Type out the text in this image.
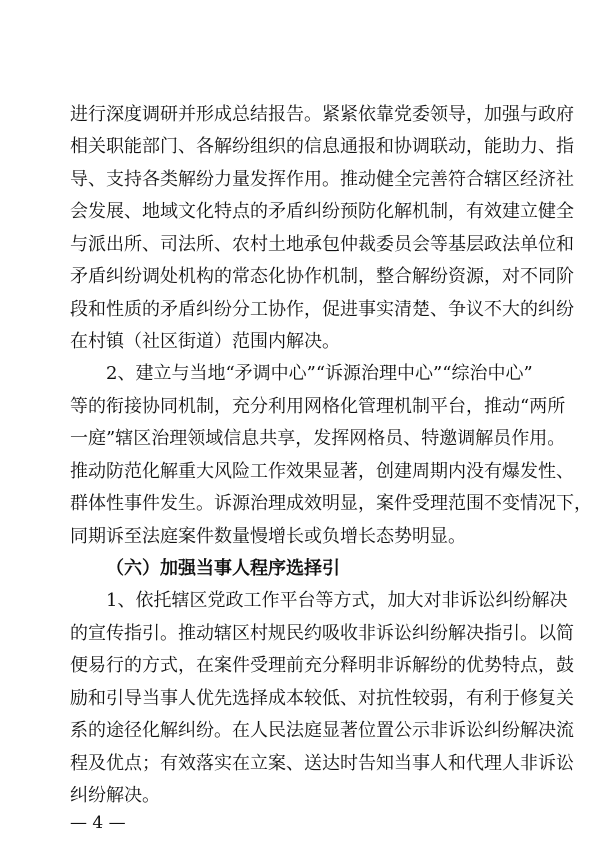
进行深度调研并形成总结报告。紧紧依靠党委领导，加强与政府
相关职能部门、各解纷组织的信息通报和协调联动，能助力、指
导、支持各类解纷力量发挥作用。推动健全完善符合辖区经济社
会发展、地域文化特点的矛盾纠纷预防化解机制，有效建立健全
与派出所、司法所、农村土地承包仲裁委员会等基层政法单位和
矛盾纠纷调处机构的常态化协作机制，整合解纷资源，对不同阶
段和性质的矛盾纠纷分工协作，促进事实清楚、争议不大的纠纷
在村镇（社区街道）范围内解决。
2、建立与当地“矛调中心”“诉源治理中心”“综治中心”
等的衔接协同机制，充分利用网格化管理机制平台，推动“两所
一庭”辖区治理领域信息共享，发挥网格员、特邀调解员作用。
推动防范化解重大风险工作效果显著，创建周期内没有爆发性、
群体性事件发生。诉源治理成效明显，案件受理范围不变情况下，
同期诉至法庭案件数量慢增长或负增长态势明显。
（六）加强当事人程序选择引
1、依托辖区党政工作平台等方式，加大对非诉讼纠纷解决
的宣传指引。推动辖区村规民约吸收非诉讼纠纷解决指引。以简
便易行的方式，在案件受理前充分释明非诉解纷的优势特点，鼓
励和引导当事人优先选择成本较低、对抗性较弱，有利于修复关
系的途径化解纠纷。在人民法庭显著位置公示非诉讼纠纷解决流
程及优点；有效落实在立案、送达时告知当事人和代理人非诉讼
纠纷解决。
— 4 —
